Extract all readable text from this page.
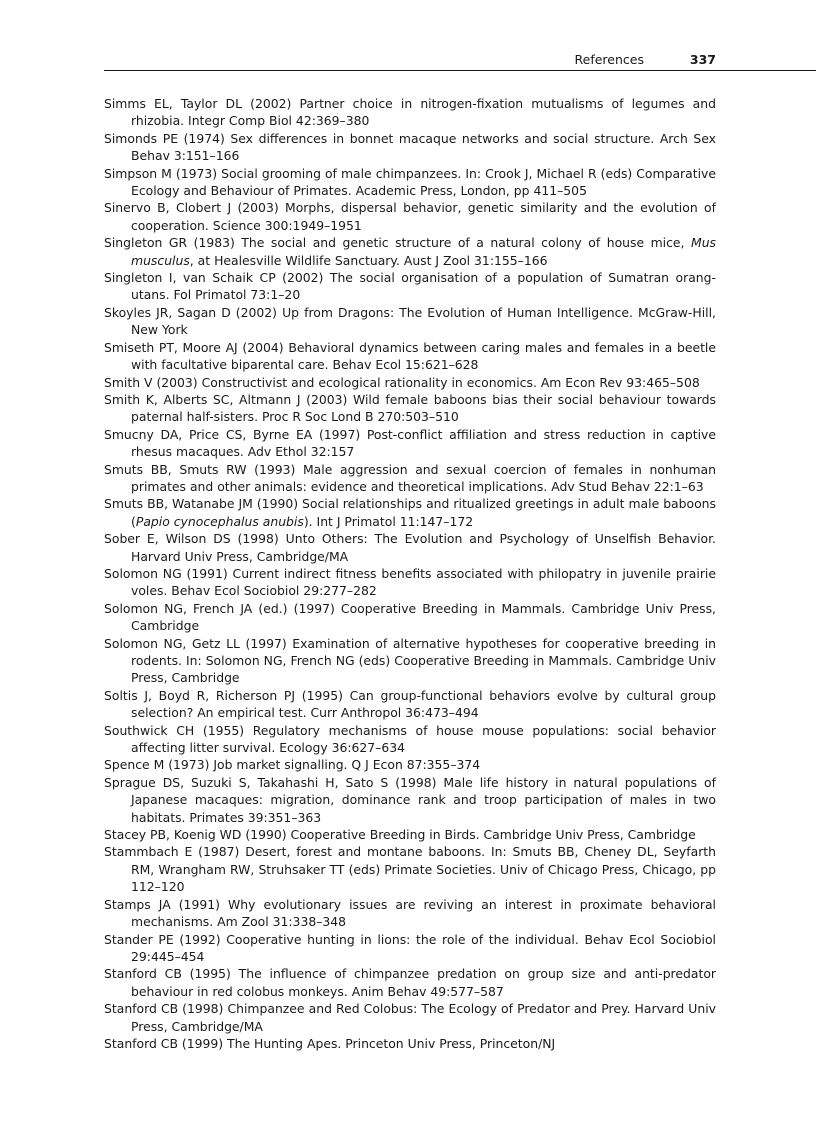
References	337
Simms EL, Taylor DL (2002) Partner choice in nitrogen-fixation mutualisms of legumes and rhizobia. Integr Comp Biol 42:369–380
Simonds PE (1974) Sex differences in bonnet macaque networks and social structure. Arch Sex Behav 3:151–166
Simpson M (1973) Social grooming of male chimpanzees. In: Crook J, Michael R (eds) Comparative Ecology and Behaviour of Primates. Academic Press, London, pp 411–505
Sinervo B, Clobert J (2003) Morphs, dispersal behavior, genetic similarity and the evolution of cooperation. Science 300:1949–1951
Singleton GR (1983) The social and genetic structure of a natural colony of house mice, Mus musculus, at Healesville Wildlife Sanctuary. Aust J Zool 31:155–166
Singleton I, van Schaik CP (2002) The social organisation of a population of Sumatran orang-utans. Fol Primatol 73:1–20
Skoyles JR, Sagan D (2002) Up from Dragons: The Evolution of Human Intelligence. McGraw-Hill, New York
Smiseth PT, Moore AJ (2004) Behavioral dynamics between caring males and females in a beetle with facultative biparental care. Behav Ecol 15:621–628
Smith V (2003) Constructivist and ecological rationality in economics. Am Econ Rev 93:465–508
Smith K, Alberts SC, Altmann J (2003) Wild female baboons bias their social behaviour towards paternal half-sisters. Proc R Soc Lond B 270:503–510
Smucny DA, Price CS, Byrne EA (1997) Post-conflict affiliation and stress reduction in captive rhesus macaques. Adv Ethol 32:157
Smuts BB, Smuts RW (1993) Male aggression and sexual coercion of females in nonhuman primates and other animals: evidence and theoretical implications. Adv Stud Behav 22:1–63
Smuts BB, Watanabe JM (1990) Social relationships and ritualized greetings in adult male baboons (Papio cynocephalus anubis). Int J Primatol 11:147–172
Sober E, Wilson DS (1998) Unto Others: The Evolution and Psychology of Unselfish Behavior. Harvard Univ Press, Cambridge/MA
Solomon NG (1991) Current indirect fitness benefits associated with philopatry in juvenile prairie voles. Behav Ecol Sociobiol 29:277–282
Solomon NG, French JA (ed.) (1997) Cooperative Breeding in Mammals. Cambridge Univ Press, Cambridge
Solomon NG, Getz LL (1997) Examination of alternative hypotheses for cooperative breeding in rodents. In: Solomon NG, French NG (eds) Cooperative Breeding in Mammals. Cambridge Univ Press, Cambridge
Soltis J, Boyd R, Richerson PJ (1995) Can group-functional behaviors evolve by cultural group selection? An empirical test. Curr Anthropol 36:473–494
Southwick CH (1955) Regulatory mechanisms of house mouse populations: social behavior affecting litter survival. Ecology 36:627–634
Spence M (1973) Job market signalling. Q J Econ 87:355–374
Sprague DS, Suzuki S, Takahashi H, Sato S (1998) Male life history in natural populations of Japanese macaques: migration, dominance rank and troop participation of males in two habitats. Primates 39:351–363
Stacey PB, Koenig WD (1990) Cooperative Breeding in Birds. Cambridge Univ Press, Cambridge
Stammbach E (1987) Desert, forest and montane baboons. In: Smuts BB, Cheney DL, Seyfarth RM, Wrangham RW, Struhsaker TT (eds) Primate Societies. Univ of Chicago Press, Chicago, pp 112–120
Stamps JA (1991) Why evolutionary issues are reviving an interest in proximate behavioral mechanisms. Am Zool 31:338–348
Stander PE (1992) Cooperative hunting in lions: the role of the individual. Behav Ecol Sociobiol 29:445–454
Stanford CB (1995) The influence of chimpanzee predation on group size and anti-predator behaviour in red colobus monkeys. Anim Behav 49:577–587
Stanford CB (1998) Chimpanzee and Red Colobus: The Ecology of Predator and Prey. Harvard Univ Press, Cambridge/MA
Stanford CB (1999) The Hunting Apes. Princeton Univ Press, Princeton/NJ
